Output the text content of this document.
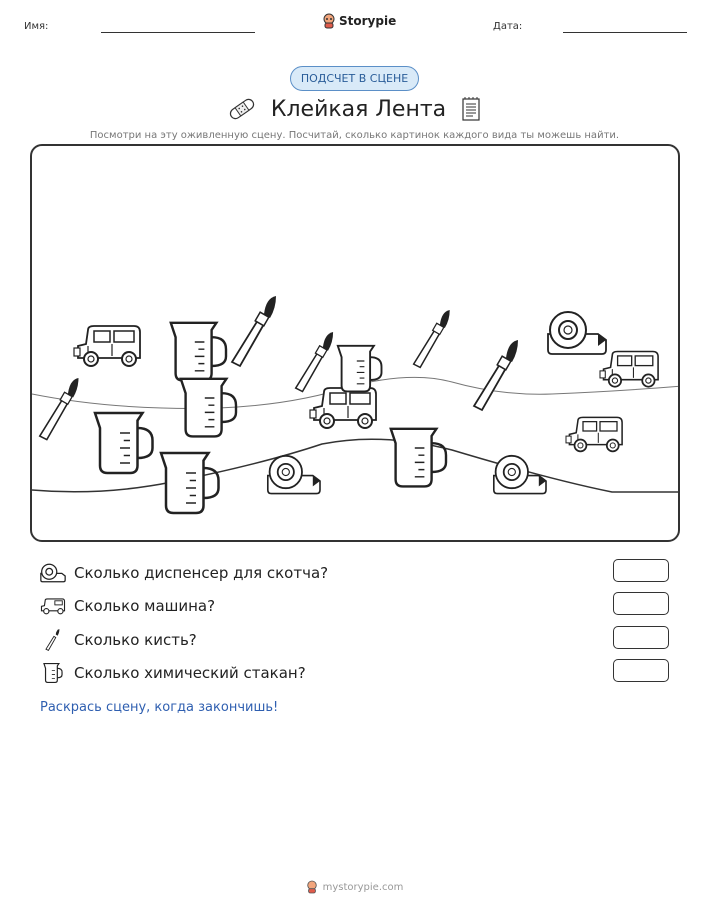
Имя:	Storypie	Дата:
ПОДСЧЕТ В СЦЕНЕ
Клейкая Лента
Посмотри на эту оживленную сцену. Посчитай, сколько картинок каждого вида ты можешь найти.
Сколько диспенсер для скотча?
Сколько машина?
Сколько кисть?
Сколько химический стакан?
Раскрась сцену, когда закончишь!
mystorypie.com
